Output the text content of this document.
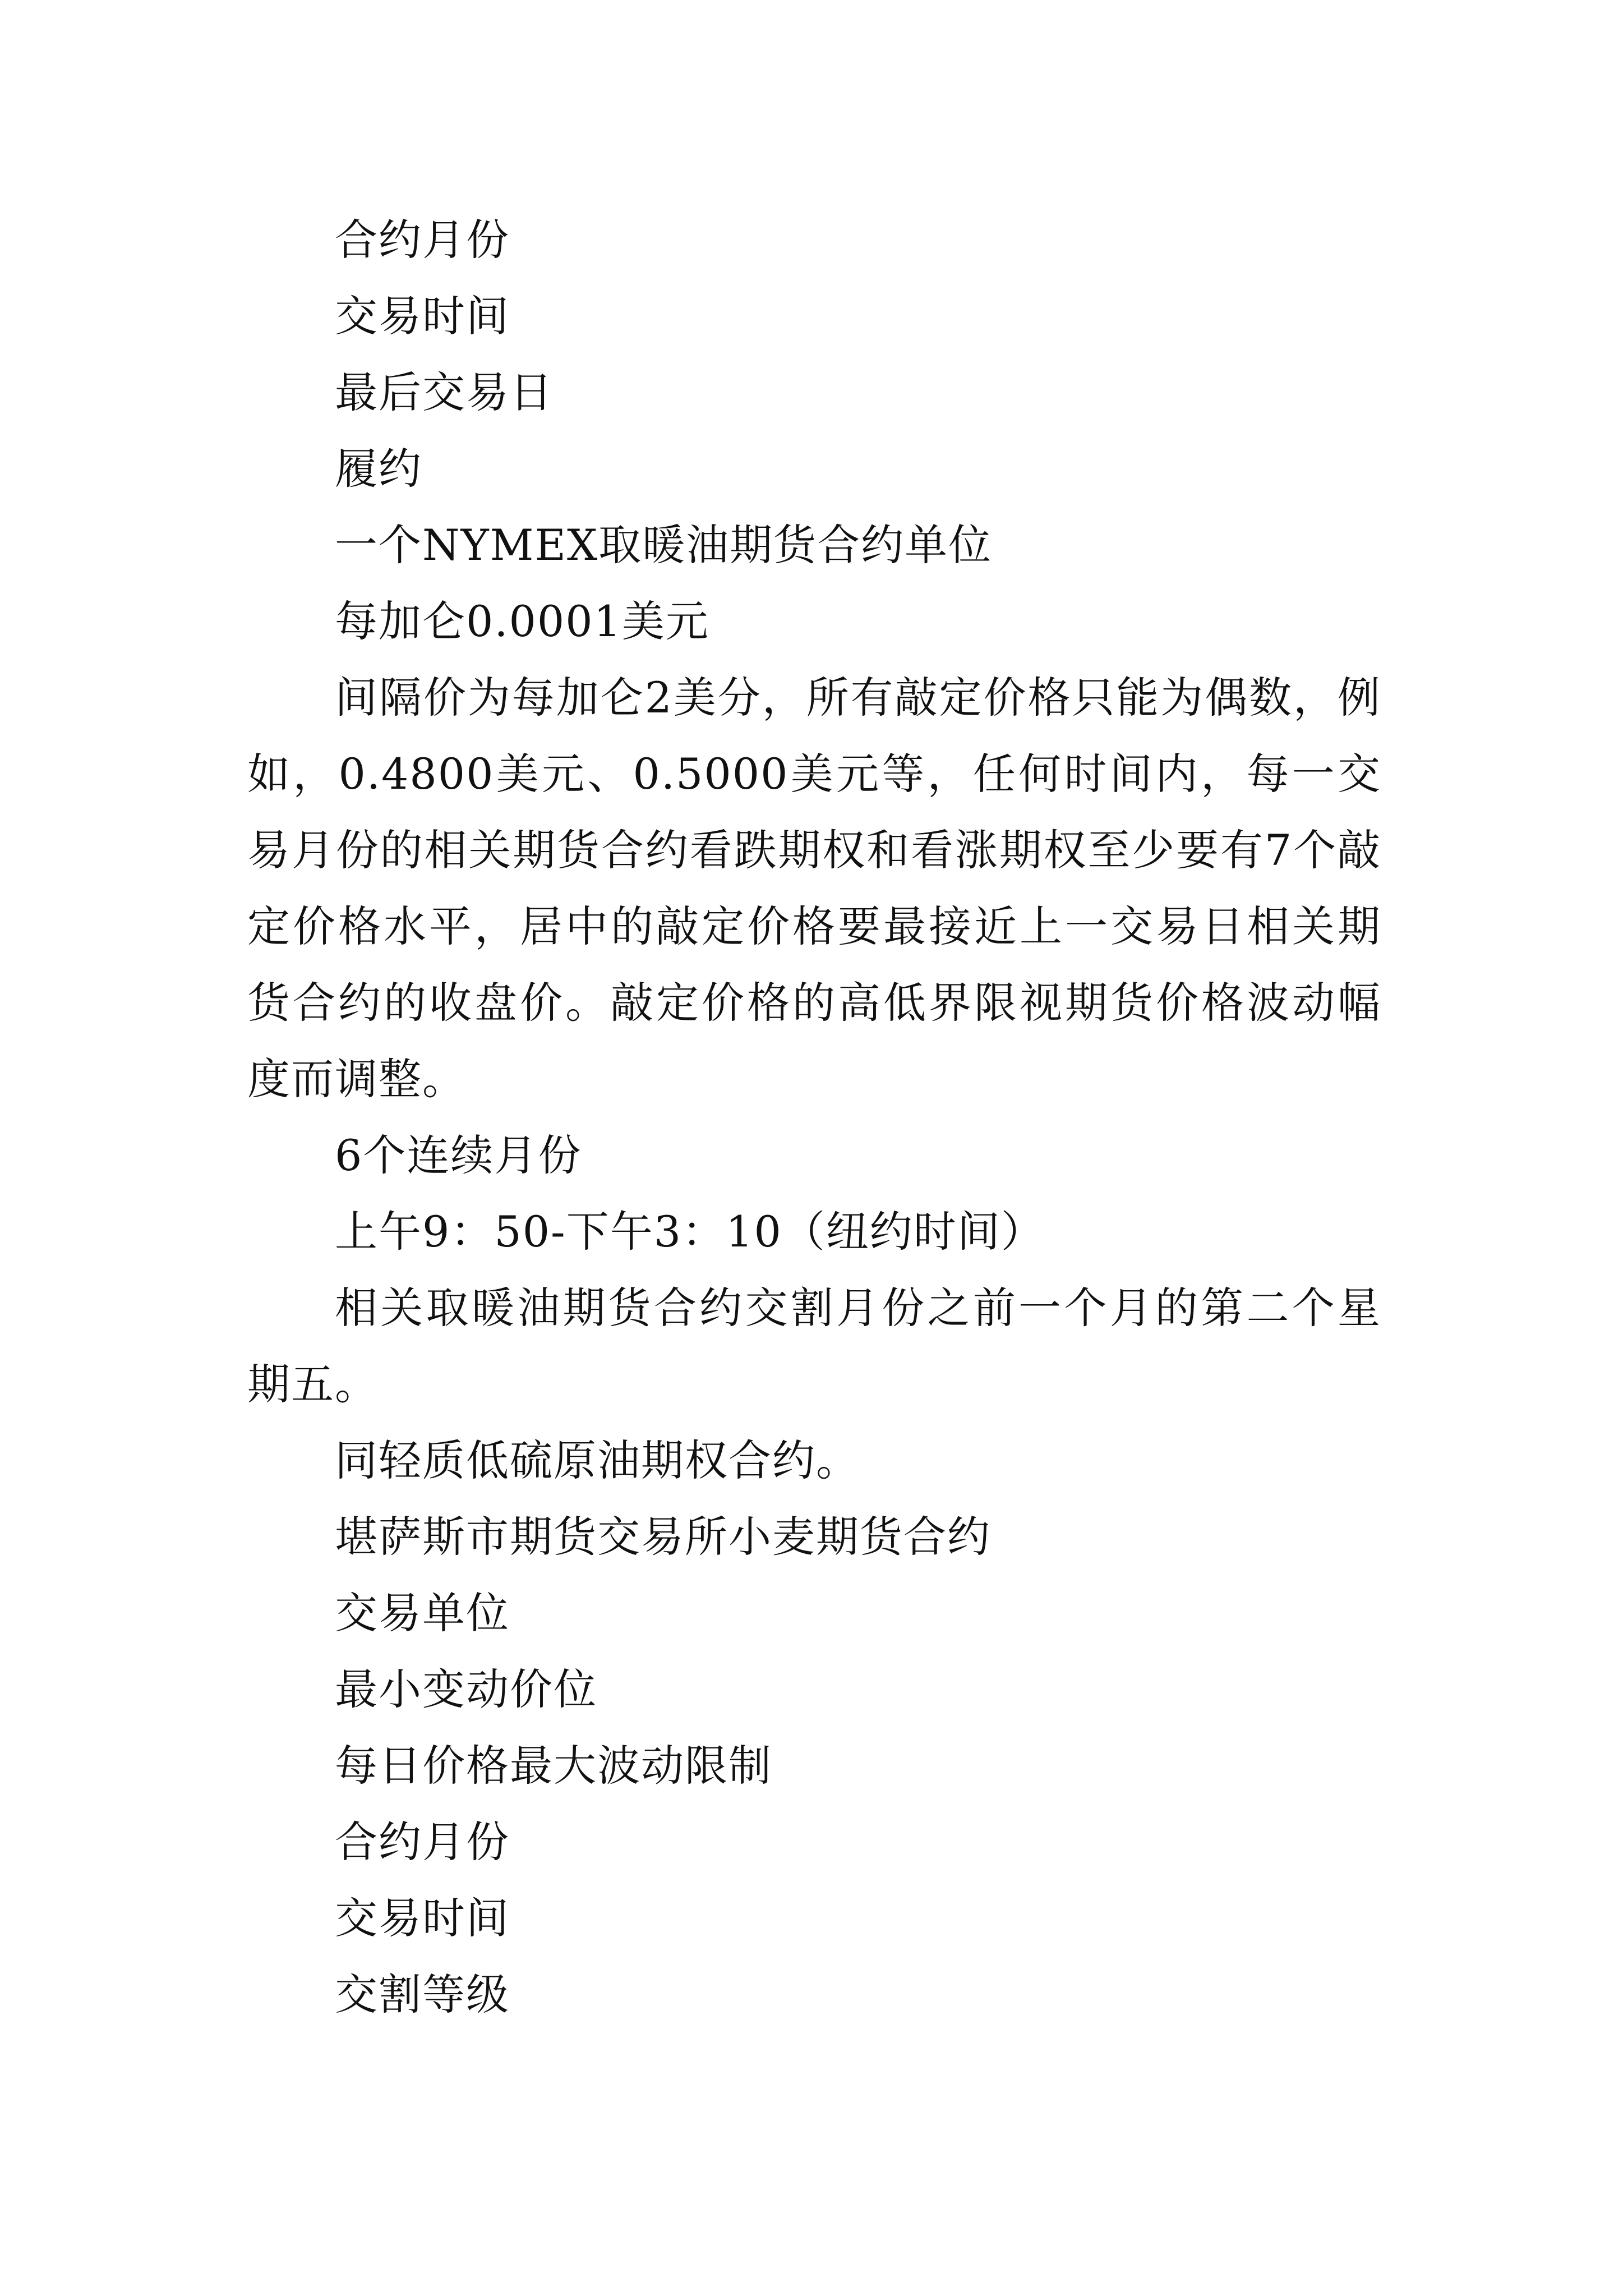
合约月份
交易时间
最后交易日
履约
一个NYMEX取暖油期货合约单位
每加仑0.0001美元
间隔价为每加仑2美分，所有敲定价格只能为偶数，例如，0.4800美元、0.5000美元等，任何时间内，每一交易月份的相关期货合约看跌期权和看涨期权至少要有7个敲定价格水平，居中的敲定价格要最接近上一交易日相关期货合约的收盘价。敲定价格的高低界限视期货价格波动幅度而调整。
6个连续月份
上午9：50-下午3：10（纽约时间）
相关取暖油期货合约交割月份之前一个月的第二个星期五。
同轻质低硫原油期权合约。
堪萨斯市期货交易所小麦期货合约
交易单位
最小变动价位
每日价格最大波动限制
合约月份
交易时间
交割等级
